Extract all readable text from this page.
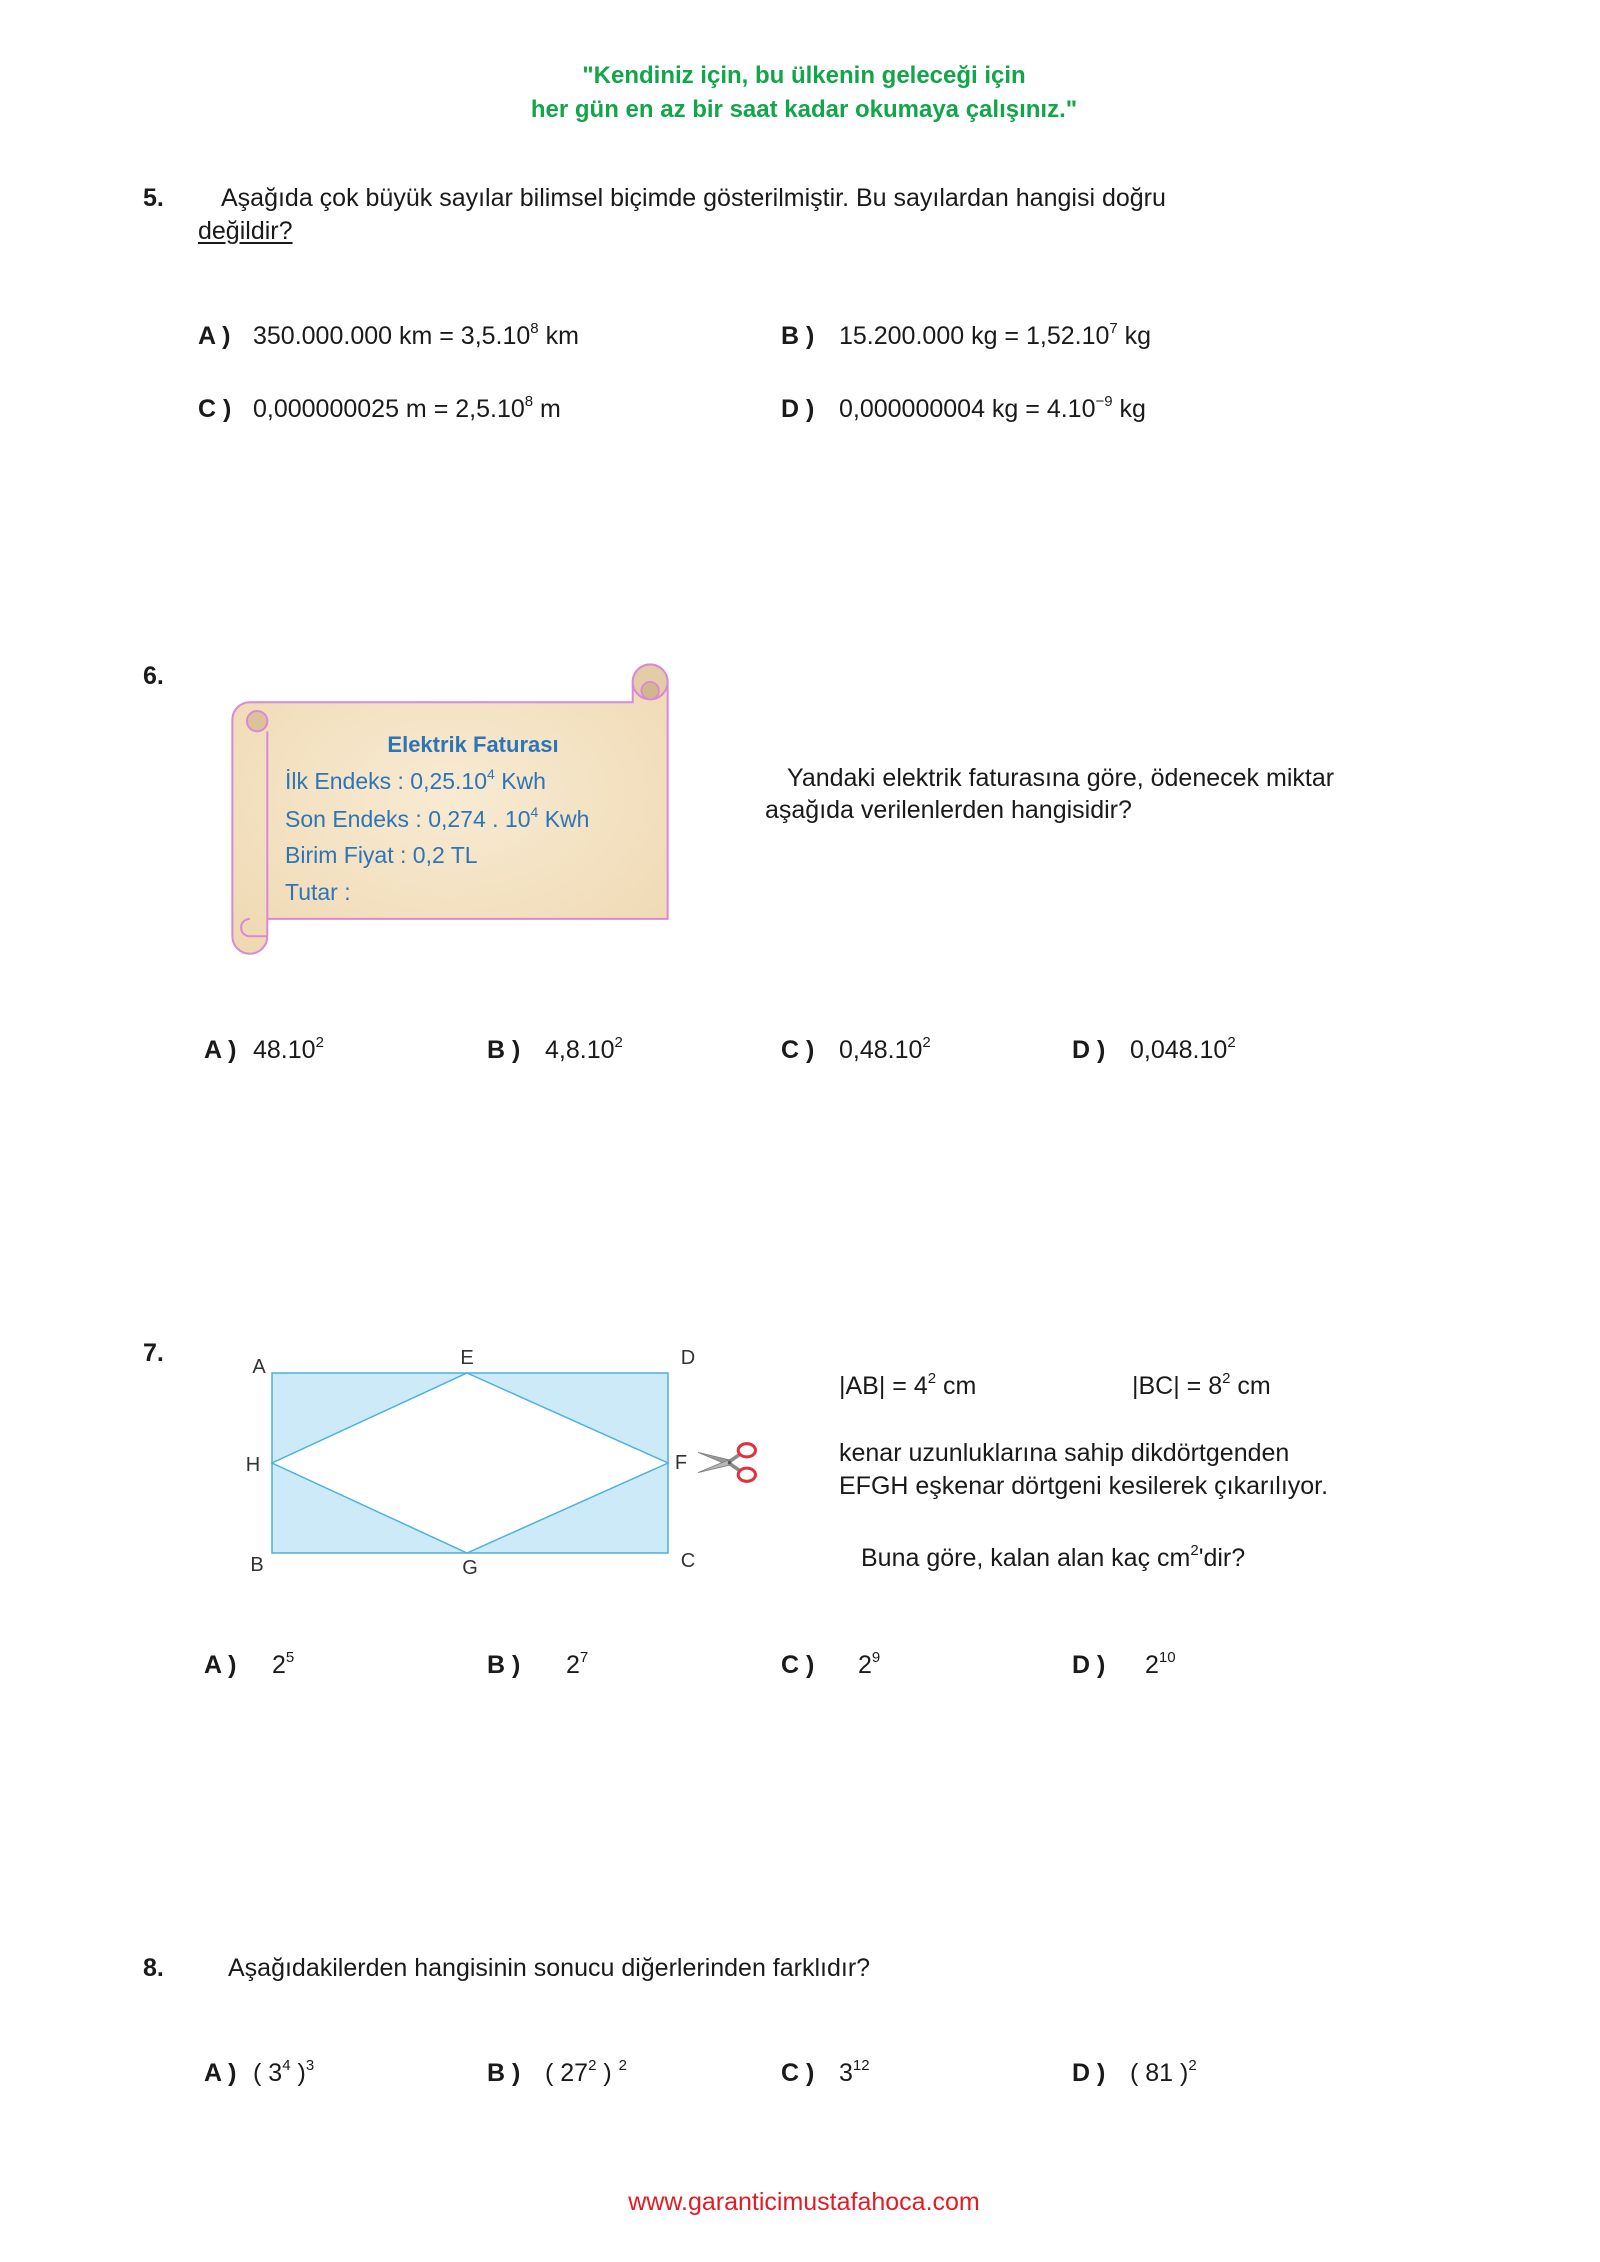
"Kendiniz için, bu ülkenin geleceği için
her gün en az bir saat kadar okumaya çalışınız."
5. Aşağıda çok büyük sayılar bilimsel biçimde gösterilmiştir. Bu sayılardan hangisi doğru
değildir?
A ) 350.000.000 km = $3,5.10^8$ km	B ) 15.200.000 kg = $1,52.10^7$ kg
C ) 0,000000025 $m = 2,5.10^8$ m	D ) 0,000000004 kg = $4.10^{-9}$ kg
6.
Elektrik Faturası
İlk Endeks : 0,25.10$^4$ Kwh
Son Endeks : 0,274 . $10^4$ Kwh
Birim Fiyat : 0,2 TL
Tutar :
Yandaki elektrik faturasına göre, ödenecek miktar
aşağıda verilenlerden hangisidir?
A ) 48.10$^2$	B ) 4,8.10$^2$	C ) 0,48.10$^2$	D ) 0,048.10$^2$
7.	A	E	D
H	F
B	G	C
$|AB| = 4^2$ cm	$|BC| = 8^2$ cm
kenar uzunluklarına sahip dikdörtgenden
EFGH eşkenar dörtgeni kesilerek çıkarılıyor.
Buna göre, kalan alan kaç $cm^2'dir$?
A ) $2^5$	B ) $2^7$	C ) $2^9$	D ) $2^{10}$
8.	Aşağıdakilerden hangisinin sonucu diğerlerinden farklıdır?
A ) ( $3^4$ )$^3$	B ) ( $27^2$ ) $^2$	C ) $3^{12}$	D ) ( 81 )$^2$
www.garanticimustafahoca.com
